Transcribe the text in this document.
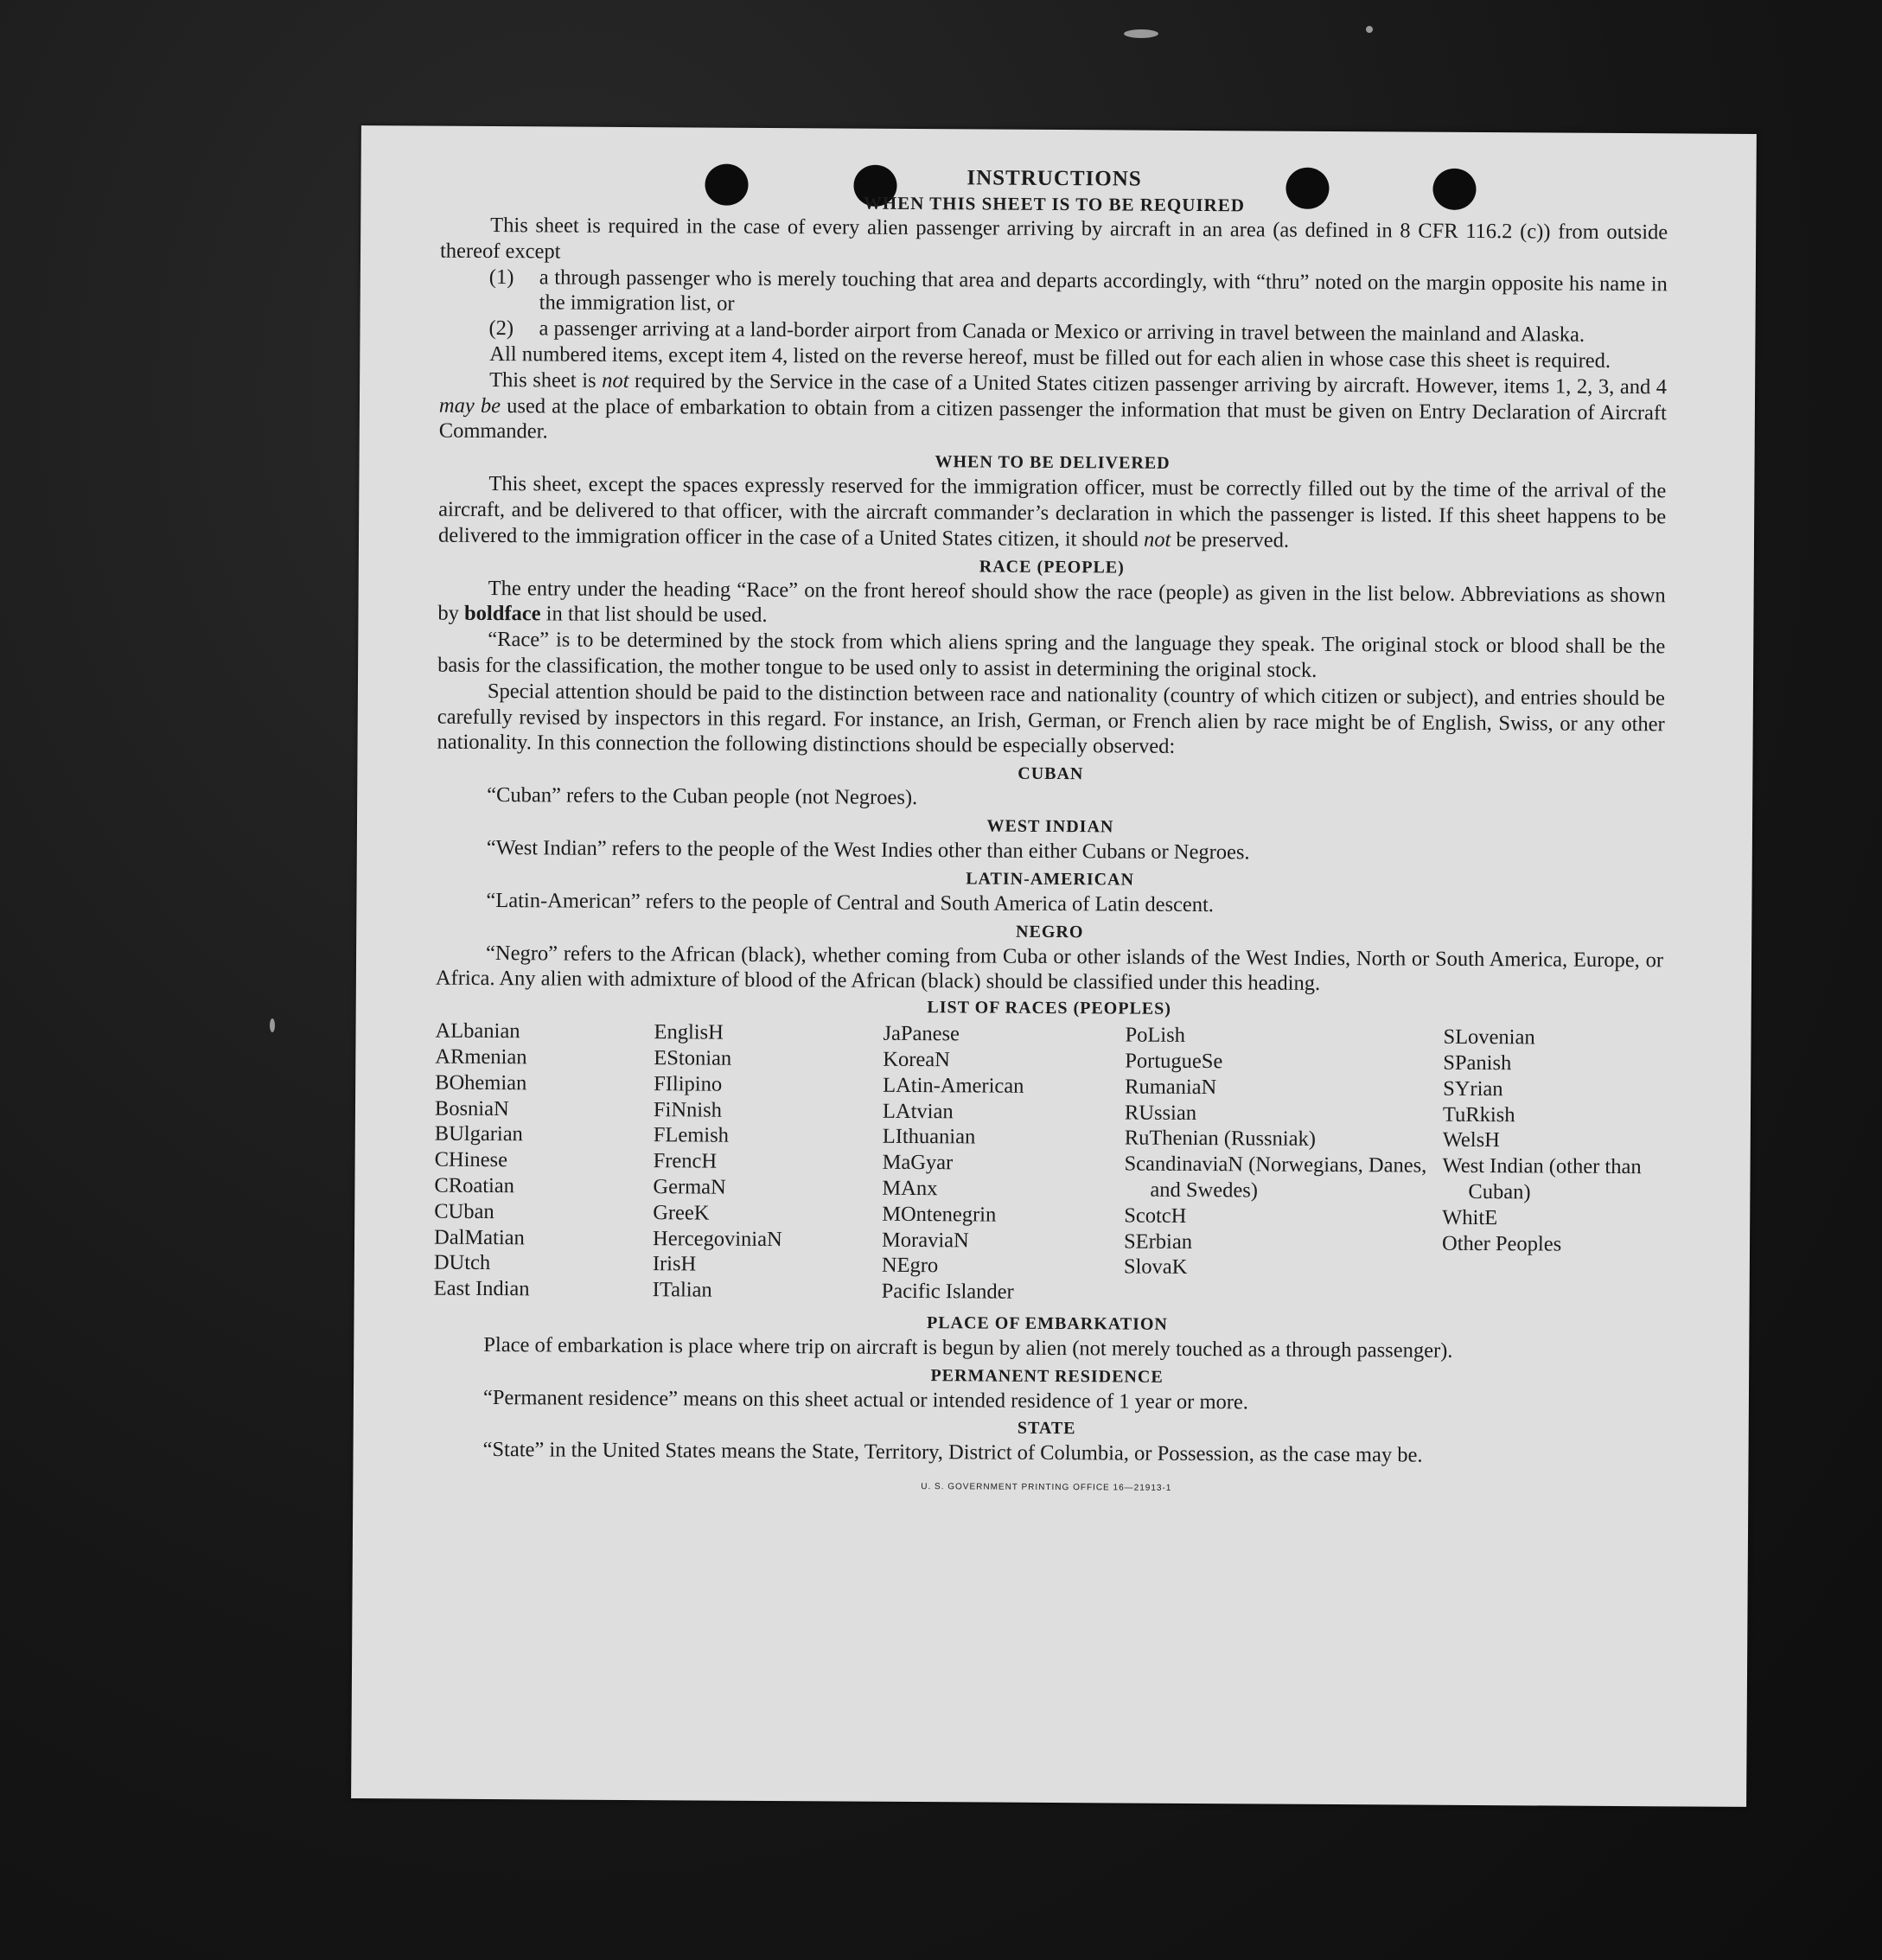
INSTRUCTIONS
WHEN THIS SHEET IS TO BE REQUIRED

This sheet is required in the case of every alien passenger arriving by aircraft in an area (as defined in 8 CFR 116.2 (c)) from outside thereof except

(1) a through passenger who is merely touching that area and departs accordingly, with “thru” noted on the margin opposite his name in the immigration list, or

(2) a passenger arriving at a land-border airport from Canada or Mexico or arriving in travel between the mainland and Alaska.

All numbered items, except item 4, listed on the reverse hereof, must be filled out for each alien in whose case this sheet is required.

This sheet is not required by the Service in the case of a United States citizen passenger arriving by aircraft. However, items 1, 2, 3, and 4 may be used at the place of embarkation to obtain from a citizen passenger the information that must be given on Entry Declaration of Aircraft Commander.

WHEN TO BE DELIVERED

This sheet, except the spaces expressly reserved for the immigration officer, must be correctly filled out by the time of the arrival of the aircraft, and be delivered to that officer, with the aircraft commander’s declaration in which the passenger is listed. If this sheet happens to be delivered to the immigration officer in the case of a United States citizen, it should not be preserved.

RACE (PEOPLE)

The entry under the heading “Race” on the front hereof should show the race (people) as given in the list below. Abbreviations as shown by boldface in that list should be used.

“Race” is to be determined by the stock from which aliens spring and the language they speak. The original stock or blood shall be the basis for the classification, the mother tongue to be used only to assist in determining the original stock.

Special attention should be paid to the distinction between race and nationality (country of which citizen or subject), and entries should be carefully revised by inspectors in this regard. For instance, an Irish, German, or French alien by race might be of English, Swiss, or any other nationality. In this connection the following distinctions should be especially observed:

CUBAN

“Cuban” refers to the Cuban people (not Negroes).

WEST INDIAN

“West Indian” refers to the people of the West Indies other than either Cubans or Negroes.

LATIN-AMERICAN

“Latin-American” refers to the people of Central and South America of Latin descent.

NEGRO

“Negro” refers to the African (black), whether coming from Cuba or other islands of the West Indies, North or South America, Europe, or Africa. Any alien with admixture of blood of the African (black) should be classified under this heading.

LIST OF RACES (PEOPLES)
ALbanian
ARmenian
BOhemian
BosniaN
BUlgarian
CHinese
CRoatian
CUban
DalMatian
DUtch
East Indian
EnglisH
EStonian
FIlipino
FiNnish
FLemish
FrencH
GermaN
GreeK
HercegoviniaN
IrisH
ITalian
JaPanese
KoreaN
LAtin-American
LAtvian
LIthuanian
MaGyar
MAnx
MOntenegrin
MoraviaN
NEgro
Pacific Islander
PoLish
PortugueSe
RumaniaN
RUssian
RuThenian (Russniak)
ScandinaviaN (Norwegians, Danes, and Swedes)
ScotcH
SErbian
SlovaK
SLovenian
SPanish
SYrian
TuRkish
WelsH
West Indian (other than Cuban)
WhitE
Other Peoples
PLACE OF EMBARKATION

Place of embarkation is place where trip on aircraft is begun by alien (not merely touched as a through passenger).

PERMANENT RESIDENCE

“Permanent residence” means on this sheet actual or intended residence of 1 year or more.

STATE

“State” in the United States means the State, Territory, District of Columbia, or Possession, as the case may be.

U. S. GOVERNMENT PRINTING OFFICE 16—21913-1
